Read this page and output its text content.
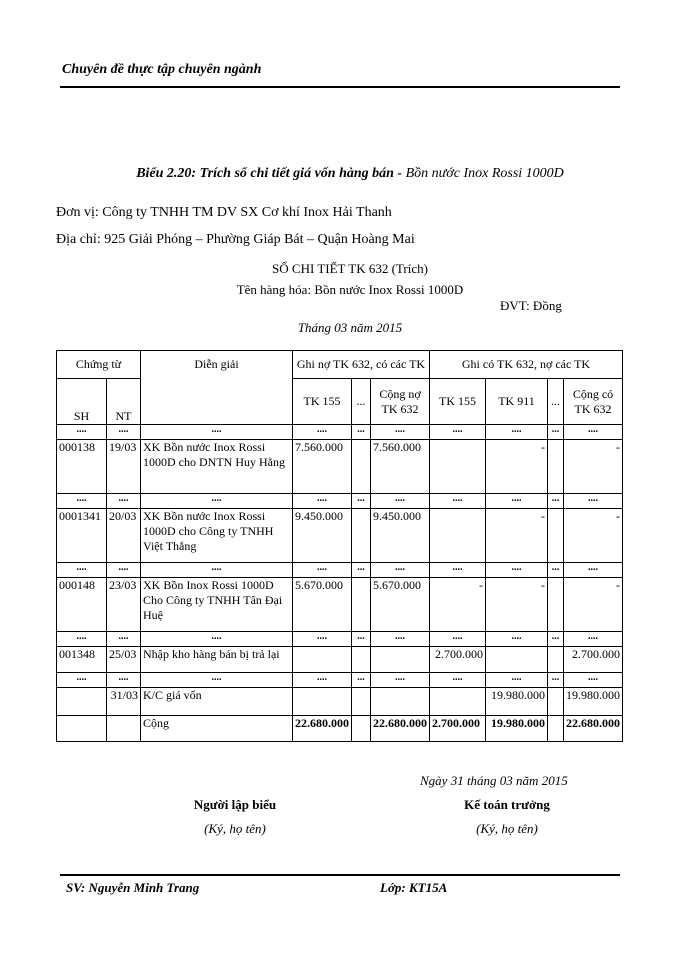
Chuyên đề thực tập chuyên ngành
Biểu 2.20: Trích sổ chi tiết giá vốn hàng bán - Bồn nước Inox Rossi 1000D
Đơn vị: Công ty TNHH TM DV SX Cơ khí Inox Hải Thanh
Địa chỉ: 925 Giải Phóng – Phường Giáp Bát – Quận Hoàng Mai
SỔ CHI TIẾT TK 632 (Trích)
Tên hàng hóa: Bồn nước Inox Rossi 1000D
ĐVT: Đồng
Tháng 03 năm 2015
Chứng từ		Diễn giải	Ghi nợ TK 632, có các TK			Ghi có TK 632, nợ các TK			
SH	NT		TK 155	...	Cộng nợ TK 632	TK 155	TK 911	...	Cộng có TK 632
....	....	....	....	...	....	....	....	...	....
000138	19/03	XK Bồn nước Inox Rossi 1000D cho DNTN Huy Hằng	7.560.000		7.560.000		-		-
....	....	....	....	...	....	....	....	...	....
0001341	20/03	XK Bồn nước Inox Rossi 1000D cho Công ty TNHH Việt Thắng	9.450.000		9.450.000		-		-
....	....	....	....	...	....	....	....	...	....
000148	23/03	XK Bồn Inox Rossi 1000D Cho Công ty TNHH Tân Đại Huệ	5.670.000		5.670.000	-	-		-
....	....	....	....	...	....	....	....	...	....
001348	25/03	Nhập kho hàng bán bị trả lại				2.700.000			2.700.000
....	....	....	....	...	....	....	....	...	....
	31/03	K/C giá vốn					19.980.000		19.980.000
		Cộng	22.680.000		22.680.000	2.700.000	19.980.000		22.680.000
Ngày 31 tháng 03 năm 2015
Người lập biểu
(Ký, họ tên)
Kế toán trưởng
(Ký, họ tên)
SV: Nguyễn Minh Trang	Lớp: KT15A
